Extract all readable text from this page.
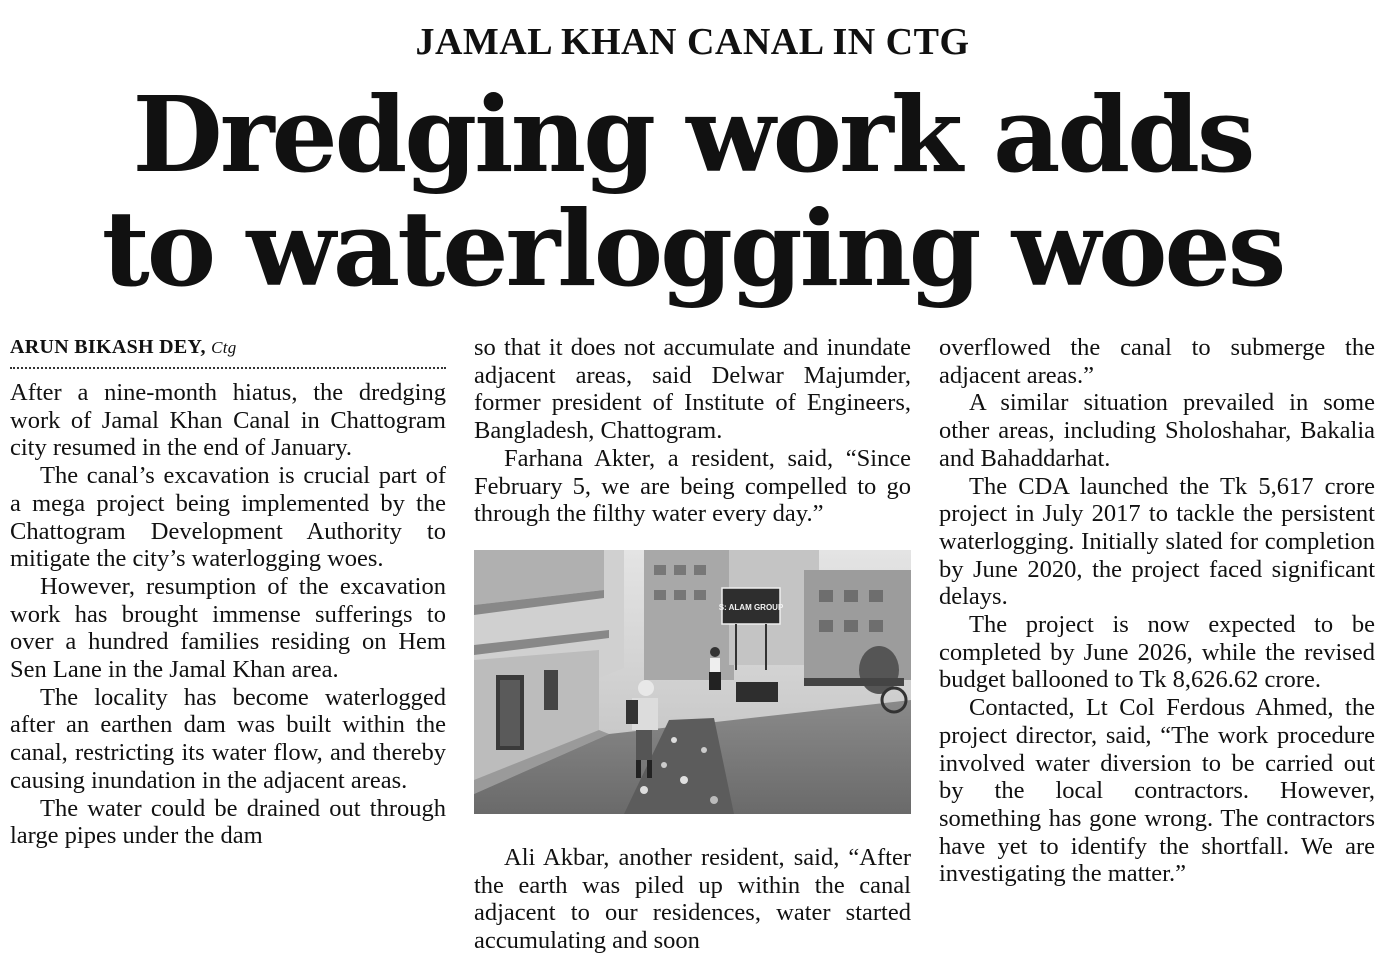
JAMAL KHAN CANAL IN CTG
Dredging work adds
to waterlogging woes
ARUN BIKASH DEY, Ctg

After a nine-month hiatus, the dredging work of Jamal Khan Canal in Chattogram city resumed in the end of January.

The canal’s excavation is crucial part of a mega project being implemented by the Chattogram Development Authority to mitigate the city’s waterlogging woes.

However, resumption of the excavation work has brought immense sufferings to over a hundred families residing on Hem Sen Lane in the Jamal Khan area.

The locality has become waterlogged after an earthen dam was built within the canal, restricting its water flow, and thereby causing inundation in the adjacent areas.

The water could be drained out through large pipes under the dam

so that it does not accumulate and inundate adjacent areas, said Delwar Majumder, former president of Institute of Engineers, Bangladesh, Chattogram.

Farhana Akter, a resident, said, “Since February 5, we are being compelled to go through the filthy water every day.”

S: ALAM GROUP

Ali Akbar, another resident, said, “After the earth was piled up within the canal adjacent to our residences, water started accumulating and soon

overflowed the canal to submerge the adjacent areas.”

A similar situation prevailed in some other areas, including Sholoshahar, Bakalia and Bahaddarhat.

The CDA launched the Tk 5,617 crore project in July 2017 to tackle the persistent waterlogging. Initially slated for completion by June 2020, the project faced significant delays.

The project is now expected to be completed by June 2026, while the revised budget ballooned to Tk 8,626.62 crore.

Contacted, Lt Col Ferdous Ahmed, the project director, said, “The work procedure involved water diversion to be carried out by the local contractors. However, something has gone wrong. The contractors have yet to identify the shortfall. We are investigating the matter.”
